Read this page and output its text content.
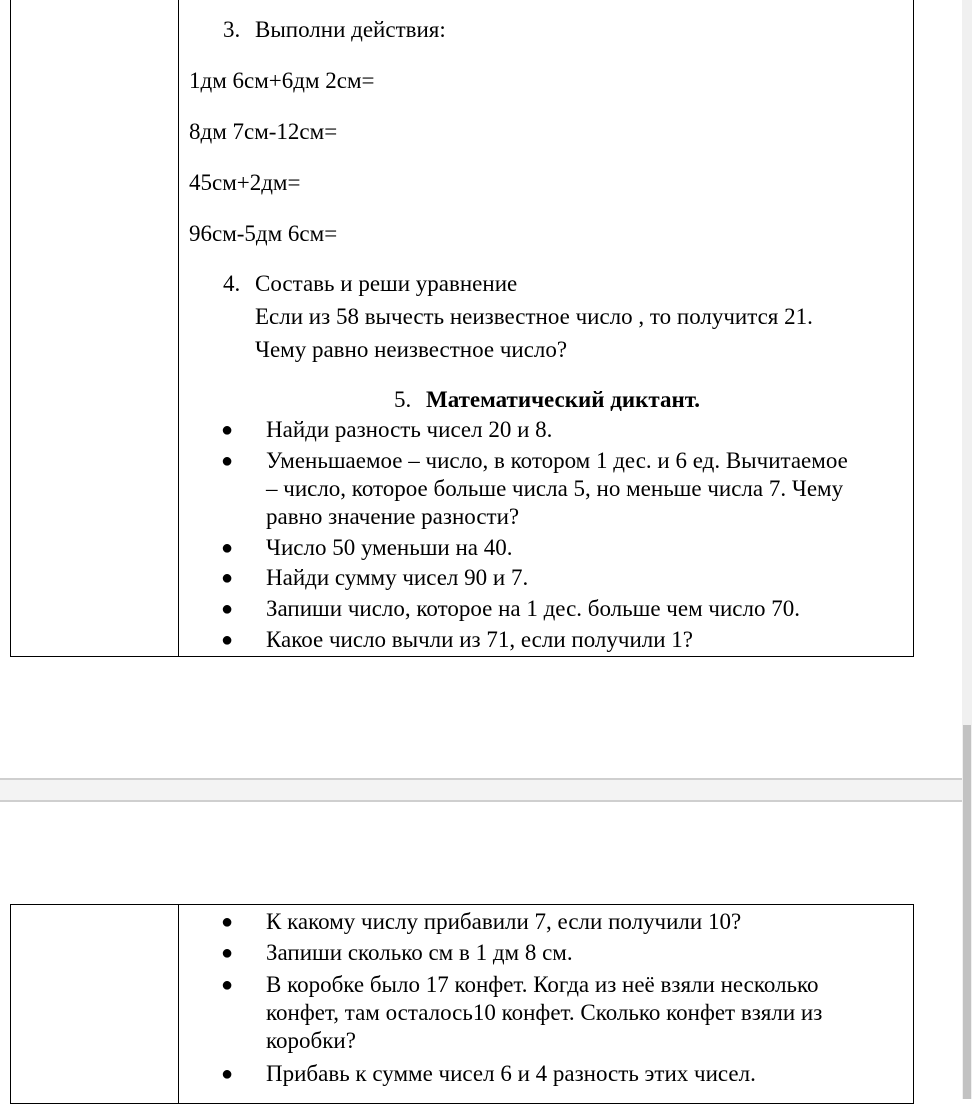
3. Выполни действия:
1дм 6см+6дм 2см=
8дм 7см-12см=
45см+2дм=
96см-5дм 6см=
4. Составь и реши уравнение
Если из 58 вычесть неизвестное число , то получится 21.
Чему равно неизвестное число?
5. Математический диктант.
● Найди разность чисел 20 и 8.
● Уменьшаемое – число, в котором 1 дес. и 6 ед. Вычитаемое
– число, которое больше числа 5, но меньше числа 7. Чему
равно значение разности?
● Число 50 уменьши на 40.
● Найди сумму чисел 90 и 7.
● Запиши число, которое на 1 дес. больше чем число 70.
● Какое число вычли из 71, если получили 1?
● К какому числу прибавили 7, если получили 10?
● Запиши сколько см в 1 дм 8 см.
● В коробке было 17 конфет. Когда из неё взяли несколько
конфет, там осталось10 конфет. Сколько конфет взяли из
коробки?
● Прибавь к сумме чисел 6 и 4 разность этих чисел.
